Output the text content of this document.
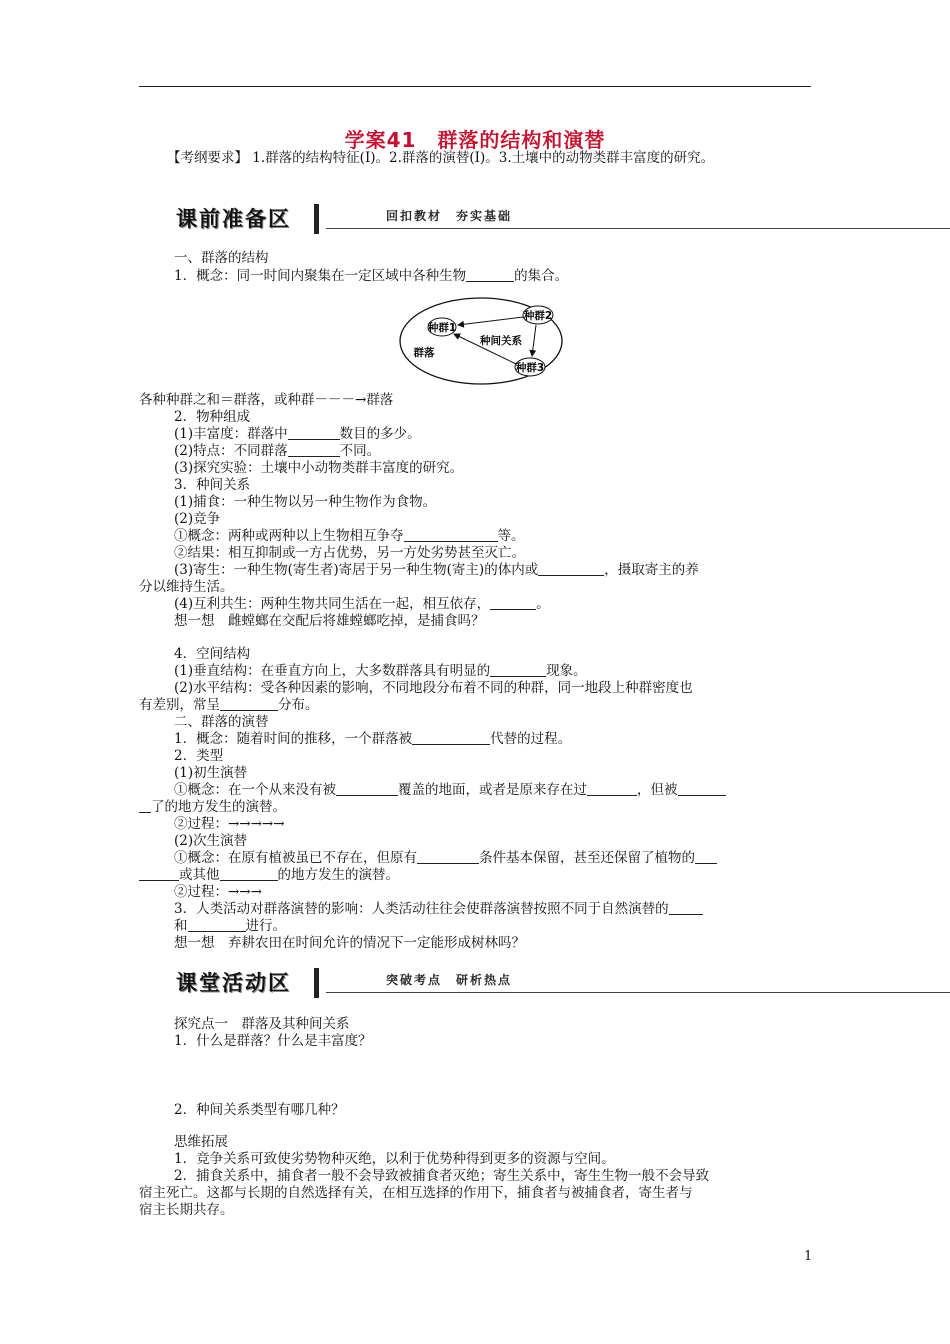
学案41　群落的结构和演替
【考纲要求】 1.群落的结构特征(Ⅰ)。2.群落的演替(Ⅰ)。3.土壤中的动物类群丰富度的研究。
课前准备区	回扣教材　夯实基础
一、群落的结构
1．概念：同一时间内聚集在一定区域中各种生物	的集合。
种群1
种群2
种群3
种间关系
群落
各种种群之和＝群落，或种群－－－→群落
2．物种组成
(1)丰富度：群落中	数目的多少。
(2)特点：不同群落	不同。
(3)探究实验：土壤中小动物类群丰富度的研究。
3．种间关系
(1)捕食：一种生物以另一种生物作为食物。
(2)竞争
①概念：两种或两种以上生物相互争夺	等。
②结果：相互抑制或一方占优势，另一方处劣势甚至灭亡。
(3)寄生：一种生物(寄生者)寄居于另一种生物(寄主)的体内或	，摄取寄主的养
分以维持生活。
(4)互利共生：两种生物共同生活在一起，相互依存，	。
想一想　雌螳螂在交配后将雄螳螂吃掉，是捕食吗？
4．空间结构
(1)垂直结构：在垂直方向上，大多数群落具有明显的	现象。
(2)水平结构：受各种因素的影响，不同地段分布着不同的种群，同一地段上种群密度也
有差别，常呈	分布。
二、群落的演替
1．概念：随着时间的推移，一个群落被	代替的过程。
2．类型
(1)初生演替
①概念：在一个从来没有被	覆盖的地面，或者是原来存在过	，但被
了的地方发生的演替。
②过程：→→→→→
(2)次生演替
①概念：在原有植被虽已不存在，但原有	条件基本保留，甚至还保留了植物的
或其他	的地方发生的演替。
②过程：→→→
3．人类活动对群落演替的影响：人类活动往往会使群落演替按照不同于自然演替的
和	进行。
想一想　弃耕农田在时间允许的情况下一定能形成树林吗？
课堂活动区	突破考点　研析热点
探究点一　群落及其种间关系
1．什么是群落？什么是丰富度？
2．种间关系类型有哪几种？
思维拓展
1．竞争关系可致使劣势物种灭绝，以利于优势种得到更多的资源与空间。
2．捕食关系中，捕食者一般不会导致被捕食者灭绝；寄生关系中，寄生生物一般不会导致
宿主死亡。这都与长期的自然选择有关，在相互选择的作用下，捕食者与被捕食者，寄生者与
宿主长期共存。
1
